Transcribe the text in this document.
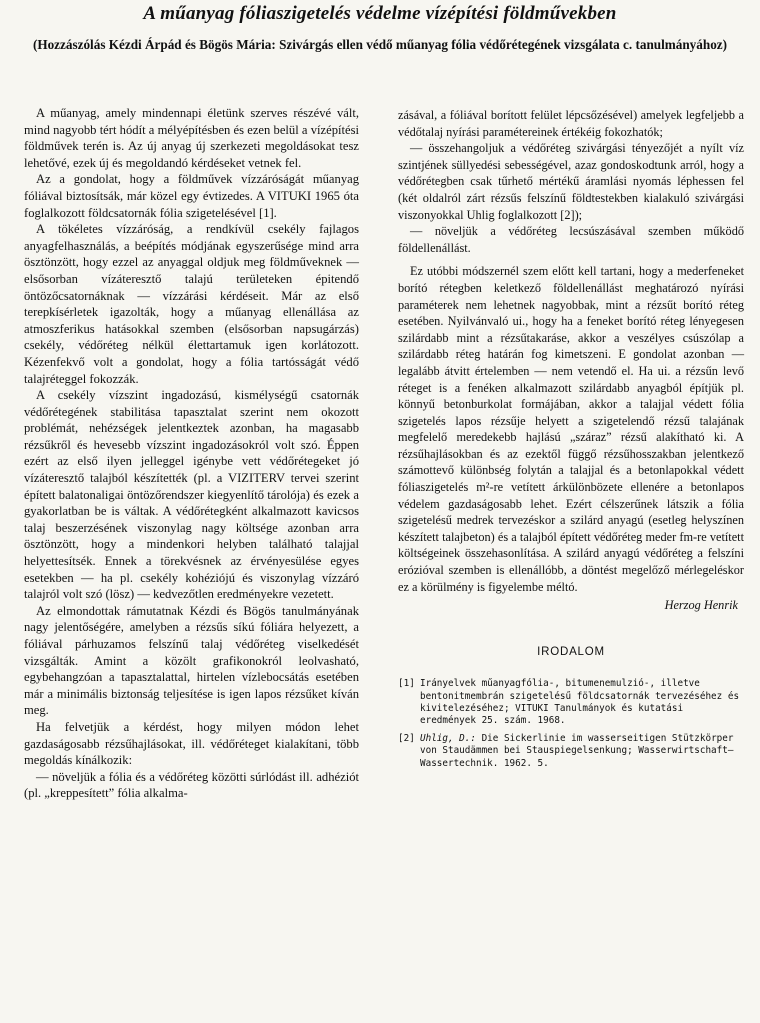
A műanyag fóliaszigetelés védelme vízépítési földművekben
(Hozzászólás Kézdi Árpád és Bögös Mária: Szivárgás ellen védő műanyag fólia védőrétegének vizsgálata c. tanulmányához)

A műanyag, amely mindennapi életünk szerves részévé vált, mind nagyobb tért hódít a mélyépítésben és ezen belül a vízépítési földművek terén is. Az új anyag új szerkezeti megoldásokat tesz lehetővé, ezek új és megoldandó kérdéseket vetnek fel.

Az a gondolat, hogy a földművek vízzáróságát műanyag fóliával biztosítsák, már közel egy évtizedes. A VITUKI 1965 óta foglalkozott földcsatornák fólia szigetelésével [1].

A tökéletes vízzáróság, a rendkívül csekély fajlagos anyagfelhasználás, a beépítés módjának egyszerűsége mind arra ösztönzött, hogy ezzel az anyaggal oldjuk meg földműveknek — elsősorban vízáteresztő talajú területeken épitendő öntözőcsatornáknak — vízzárási kérdéseit. Már az első terepkísérletek igazolták, hogy a műanyag ellenállása az atmoszferikus hatásokkal szemben (elsősorban napsugárzás) csekély, védőréteg nélkül élettartamuk igen korlátozott. Kézenfekvő volt a gondolat, hogy a fólia tartósságát védő talajréteggel fokozzák.

A csekély vízszint ingadozású, kismélységű csatornák védőrétegének stabilitása tapasztalat szerint nem okozott problémát, nehézségek jelentkeztek azonban, ha magasabb rézsűkről és hevesebb vízszint ingadozásokról volt szó. Éppen ezért az első ilyen jelleggel igénybe vett védőrétegeket jó vízáteresztő talajból készítették (pl. a VIZITERV tervei szerint épített balatonaligai öntözőrendszer kiegyenlítő tárolója) és ezek a gyakorlatban be is váltak. A védőrétegként alkalmazott kavicsos talaj beszerzésének viszonylag nagy költsége azonban arra ösztönzött, hogy a mindenkori helyben található talajjal helyettesítsék. Ennek a törekvésnek az érvényesülése egyes esetekben — ha pl. csekély kohéziójú és viszonylag vízzáró talajról volt szó (lösz) — kedvezőtlen eredményekre vezetett.

Az elmondottak rámutatnak Kézdi és Bögös tanulmányának nagy jelentőségére, amelyben a rézsűs síkú fóliára helyezett, a fóliával párhuzamos felszínű talaj védőréteg viselkedését vizsgálták. Amint a közölt grafikonokról leolvasható, egybehangzóan a tapasztalattal, hirtelen vízlebocsátás esetében már a minimális biztonság teljesítése is igen lapos rézsűket kíván meg.

Ha felvetjük a kérdést, hogy milyen módon lehet gazdaságosabb rézsűhajlásokat, ill. védőréteget kialakítani, több megoldás kínálkozik:

— növeljük a fólia és a védőréteg közötti súrlódást ill. adhéziót (pl. „kreppesített” fólia alkalma-

zásával, a fóliával borított felület lépcsőzésével) amelyek legfeljebb a védőtalaj nyírási paramétereinek értékéig fokozhatók;

— összehangoljuk a védőréteg szivárgási tényezőjét a nyílt víz szintjének süllyedési sebességével, azaz gondoskodtunk arról, hogy a védőrétegben csak tűrhető mértékű áramlási nyomás léphessen fel (két oldalról zárt rézsűs felszínű földtestekben kialakuló szivárgási viszonyokkal Uhlig foglalkozott [2]);

— növeljük a védőréteg lecsúszásával szemben működő földellenállást.

Ez utóbbi módszernél szem előtt kell tartani, hogy a mederfeneket borító rétegben keletkező földellenállást meghatározó nyírási paraméterek nem lehetnek nagyobbak, mint a rézsűt borító réteg esetében. Nyilvánvaló ui., hogy ha a feneket borító réteg lényegesen szilárdabb mint a rézsűtakaráse, akkor a veszélyes csúszólap a szilárdabb réteg határán fog kimetszeni. E gondolat azonban — legalább átvitt értelemben — nem vetendő el. Ha ui. a rézsűn levő réteget is a fenéken alkalmazott szilárdabb anyagból építjük pl. könnyű betonburkolat formájában, akkor a talajjal védett fólia szigetelés lapos rézsűje helyett a szigetelendő rézsű talajának megfelelő meredekebb hajlású „száraz” rézsű alakítható ki. A rézsűhajlásokban és az ezektől függő rézsűhosszakban jelentkező számottevő különbség folytán a talajjal és a betonlapokkal védett fóliaszigetelés m²-re vetített árkülönbözete ellenére a betonlapos védelem gazdaságosabb lehet. Ezért célszerűnek látszik a fólia szigetelésű medrek tervezéskor a szilárd anyagú (esetleg helyszínen készített talajbeton) és a talajból épített védőréteg meder fm-re vetített költségeinek összehasonlítása. A szilárd anyagú védőréteg a felszíni erózióval szemben is ellenállóbb, a döntést megelőző mérlegeléskor ez a körülmény is figyelembe méltó.

Herzog Henrik
IRODALOM
[1] Irányelvek műanyagfólia-, bitumenemulzió-, illetve bentonitmembrán szigetelésű földcsatornák tervezéséhez és kivitelezéséhez; VITUKI Tanulmányok és kutatási eredmények 25. szám. 1968.
[2] Uhlig, D.: Die Sickerlinie im wasserseitigen Stützkörper von Staudämmen bei Stauspiegelsenkung; Wasserwirtschaft—Wassertechnik. 1962. 5.
